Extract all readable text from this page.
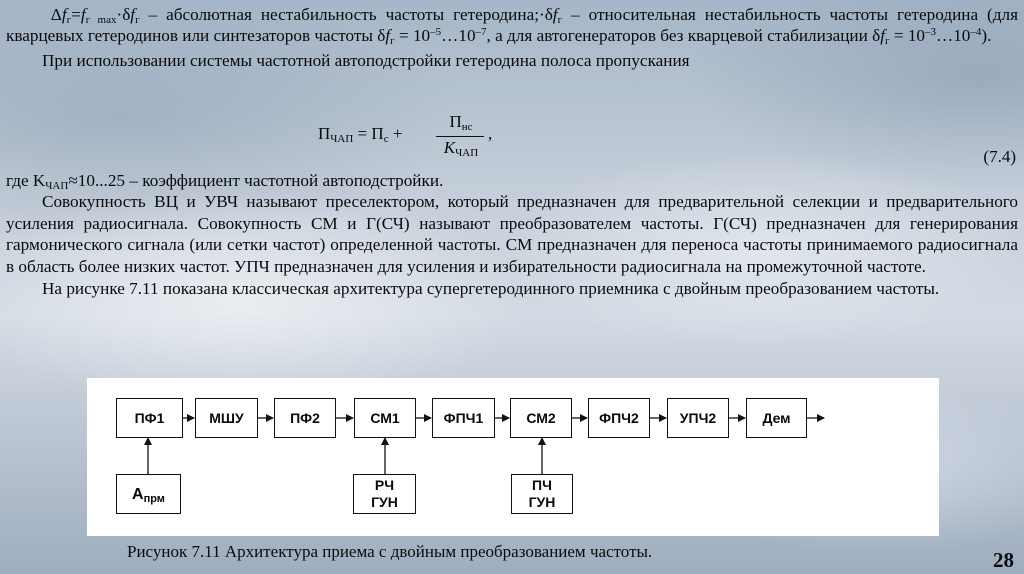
$\Delta f_г=f_{г max}\cdot\delta f_г$ – абсолютная нестабильность частоты $гетеродина;\cdot\delta f_г$ – относительная нестабильность частоты гетеродина (для кварцевых гетеродинов или синтезаторов частоты $\delta f_г$ = $10^{-5}\dots 10^{-7}$, а для автогенераторов без кварцевой стабилизации $\delta f_г$ = $10^{-3}\dots 10^{-4}$).

При использовании системы частотной автоподстройки гетеродина полоса пропускания

$П_{ЧАП} = П_с$ +
$П_{нс}$
$K_{ЧАП}$
,
(7.4)

где $K_{ЧАП}\approx 10...25$ – коэффициент частотной автоподстройки.

Совокупность ВЦ и УВЧ называют преселектором, который предназначен для предварительной селекции и предварительного усиления радиосигнала. Совокупность СМ и Г(СЧ) называют преобразователем частоты. Г(СЧ) предназначен для генерирования гармонического сигнала (или сетки частот) определенной частоты. СМ предназначен для переноса частоты принимаемого радиосигнала в область более низких частот. УПЧ предназначен для усиления и избирательности радиосигнала на промежуточной частоте.

На рисунке 7.11 показана классическая архитектура супергетеродинного приемника с двойным преобразованием частоты.

ПФ1	МШУ	ПФ2	СМ1	ФПЧ1	СМ2	ФПЧ2	УПЧ2	Дем
А прм
РЧ
ГУН
ПЧ
ГУН
Рисунок 7.11 Архитектура приема с двойным преобразованием частоты.	28
